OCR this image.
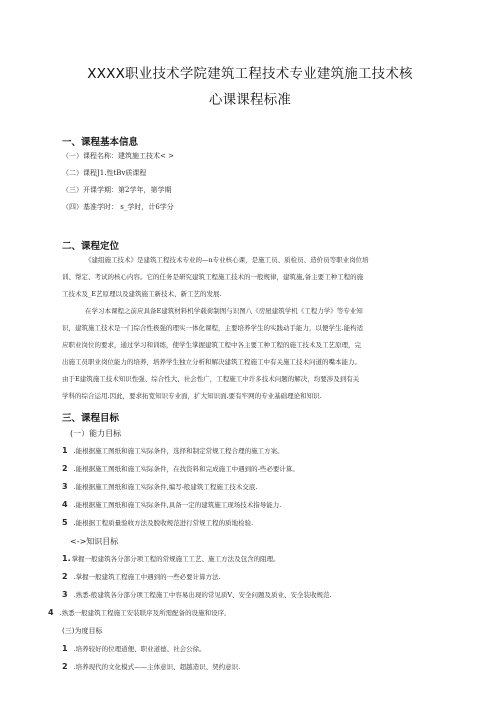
XXXX职业技术学院建筑工程技术专业建筑施工技术核
心课课程标准
一、课程基本信息
（一）课程名称：建筑施工技术< >
（二）课程J1.性tBv质课程
（三）开课学期：第2学年，第学期
（四）基准学时： s_学时，计6学分
二、课程定位
《建组施工技术》是建筑工程技术专业的—n专业核心课，是施工员、质检员、造价员等职业岗位培
训、帮定、考试的核心内容。它的任务是研究建筑工程施工技术的一般规律，建筑施,备主要工种工程的施
工技术及_E艺原理以及建筑施工新技术、新工艺的发展.
在学习本课程之前应具备E建筑材料机学载荷制图与识图八《房屋建筑学机《工程力学》等专业知
识，建筑施工技术是一门综合性极强的理实一体化课程，主要培养学生的实践动手能力，以便学生.能构适
应职业岗位的要求，通过学习和训练，使学生掌握建筑工程中各主要工种工程的施工技术及工艺原理，完
出施工员职业岗位能力的培养，培养学生独立分析和解决建筑工程施工中有关施工技术问道的嘴本能力。
由于E建筑施工技术知识性强、综合性大、社会性广，工程施工中许多技术问题的解决，均要涉及到有关
学科的综合运用.因此，要求拓宽知识专业面，扩大知识面.要有牢网的专业基础理论和知识.
三、课程目标
(一）能力目标
1 .能根据施工图纸和施工实际条件，选择和制定常规工程合理的施工方案。
2 .能根据施工图纸和施工实际条件，在找资料和完成施工中遇到的-些必要计算。
3 .能根据施工图纸和施工实际条件,编写-般建筑工程施工技术交底.
4 .能根据施工图纸和施工实际条件,具备一定的建筑施工现场技术指导能力.
5 .能根据工程质量验收方法及脱收规范进行常规工程的质地检验.
<->知识目标
1.掌握一般建筑各分部分项工程的常规施工工艺、施工方法及包含的阻理。
2 .掌握一般建筑工程施工中遇到的一些必要计算方法.
3 .熟悉-般建筑各分部分项工程施工中容易出现的常见质V、安全问题及质业、安全装收规范.
4 .熟悉一般建筑工程施工安装联序及所需配备的设施和设序,
(三)为度目标
1 .培养较好的位理道便、职业道德、社会公徐。
2 .培养现代的文化模式——主体意识、超越造识、契约意识.
